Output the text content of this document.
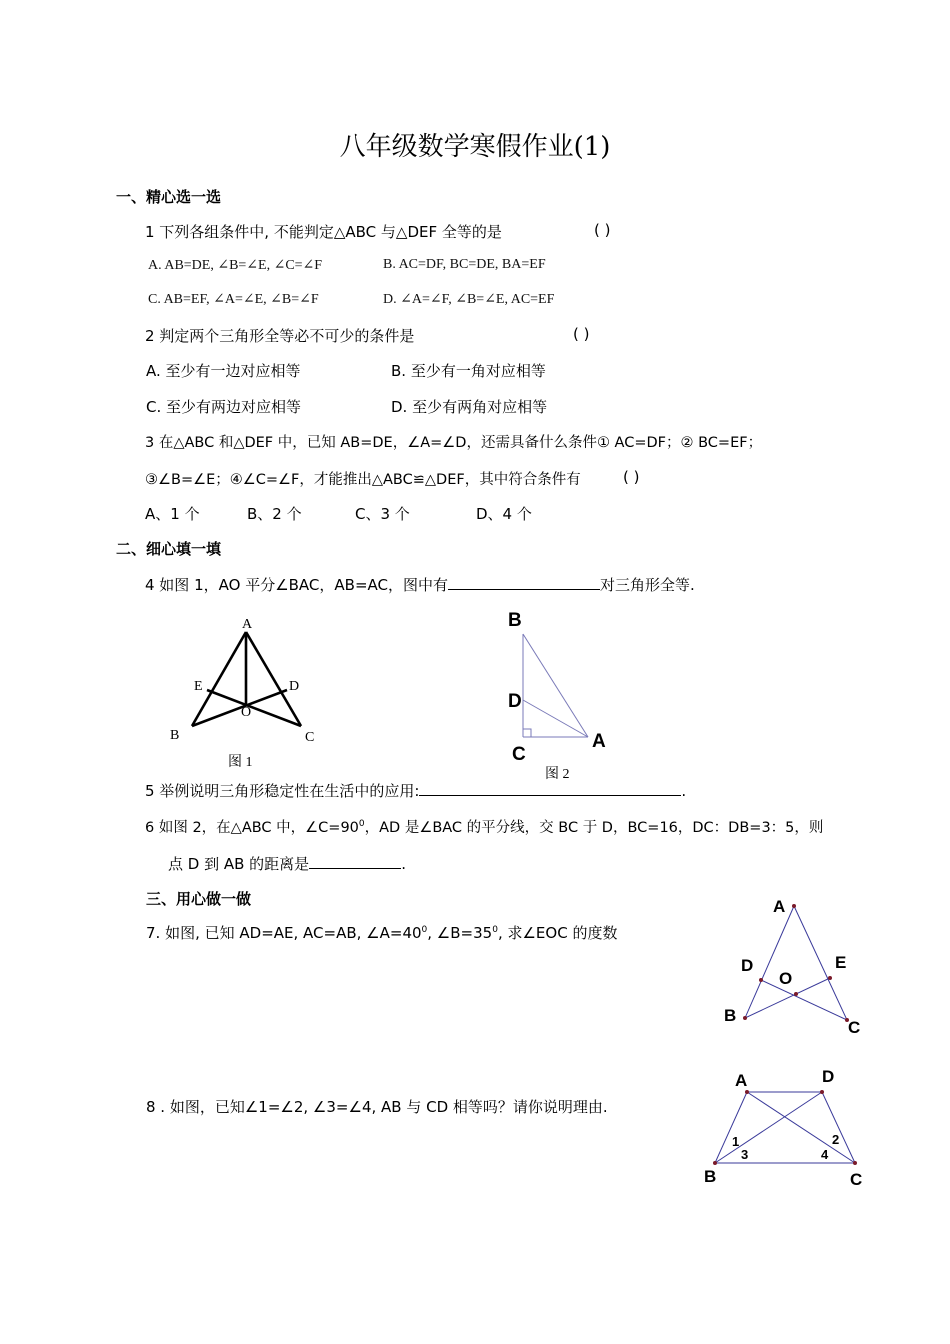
八年级数学寒假作业(1)
一、精心选一选
1 下列各组条件中, 不能判定△ABC 与△DEF 全等的是	( )
A. AB=DE, ∠B=∠E, ∠C=∠F	B. AC=DF, BC=DE, BA=EF
C. AB=EF, ∠A=∠E, ∠B=∠F	D. ∠A=∠F, ∠B=∠E, AC=EF
2 判定两个三角形全等必不可少的条件是	( )
A. 至少有一边对应相等	B. 至少有一角对应相等
C. 至少有两边对应相等	D. 至少有两角对应相等
3 在△ABC 和△DEF 中，已知 AB=DE，∠A=∠D，还需具备什么条件① AC=DF；② BC=EF；
③∠B=∠E；④∠C=∠F，才能推出△ABC≌△DEF，其中符合条件有	( )
A、1 个	B、2 个	C、3 个	D、4 个
二、细心填一填
4 如图 1，AO 平分∠BAC，AB=AC，图中有	对三角形全等.
A
E	D
O
B	C
图 1
B
D
C
A
图 2
5 举例说明三角形稳定性在生活中的应用:	.
6 如图 2，在△ABC 中，$\angle C=90^0$，AD 是∠BAC 的平分线，交 BC 于 D，BC=16，DC：DB=3：5，则
点 D 到 AB 的距离是	.
三、用心做一做
7. 如图, 已知 AD=AE, AC=AB, $\angle A=40^0$, $\angle B=35^0$, 求∠EOC 的度数
A
D
O
E
B
C
8 . 如图，已知∠1=∠2, ∠3=∠4, AB 与 CD 相等吗？请你说明理由.
A	D
B	C
1	2
3	4
